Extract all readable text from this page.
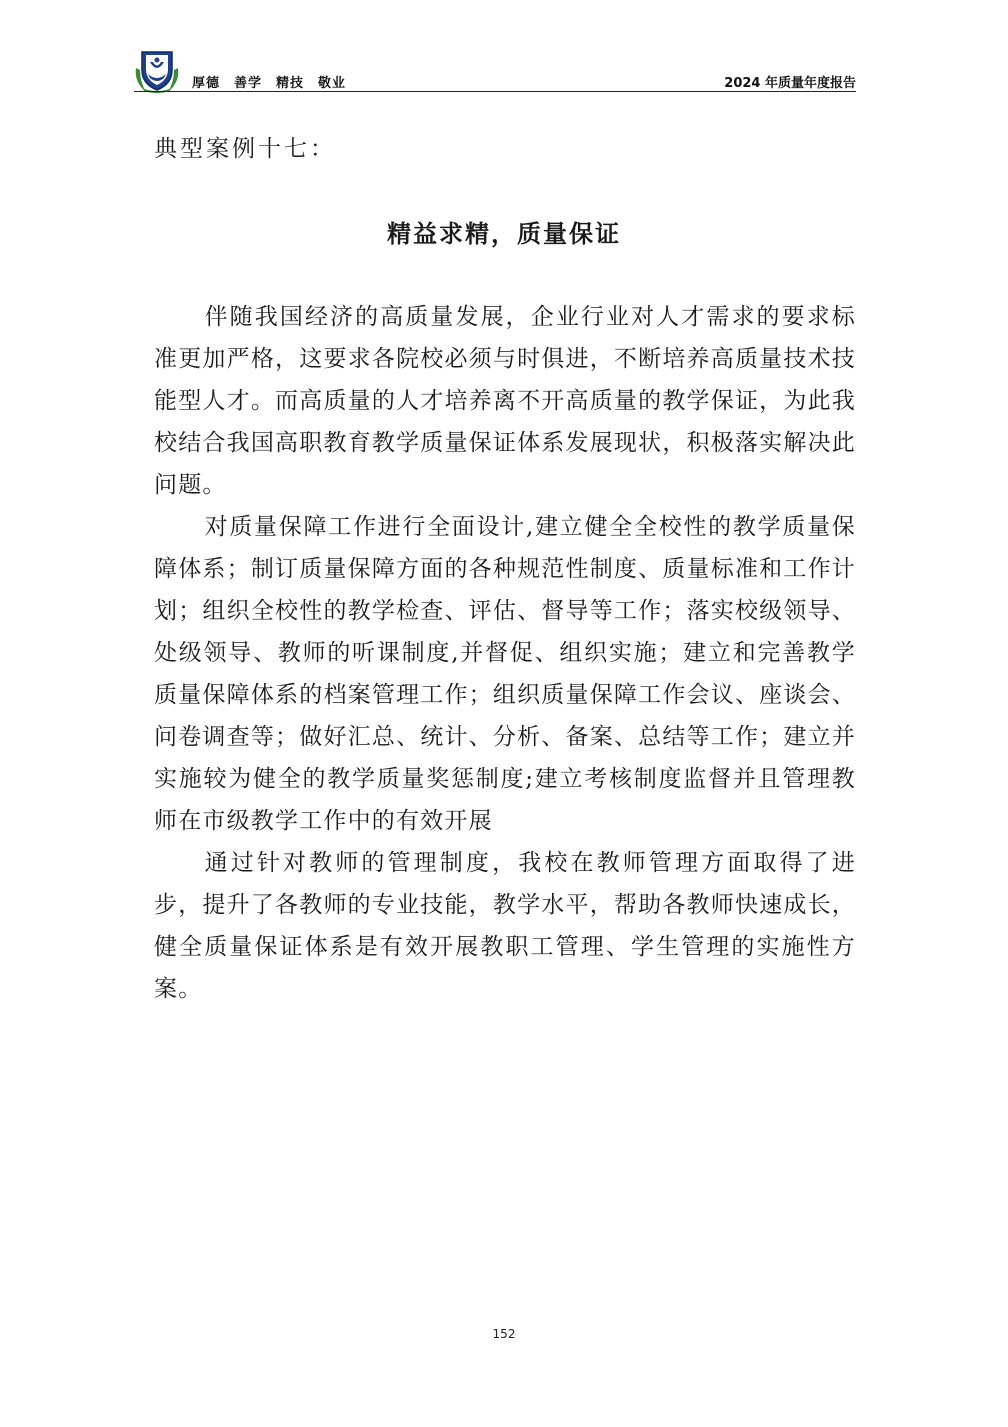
厚德 善学 精技 敬业	2024 年质量年度报告
典型案例十七：
精益求精，质量保证

伴随我国经济的高质量发展，企业行业对人才需求的要求标准更加严格，这要求各院校必须与时俱进，不断培养高质量技术技能型人才。而高质量的人才培养离不开高质量的教学保证，为此我校结合我国高职教育教学质量保证体系发展现状，积极落实解决此问题。

对质量保障工作进行全面设计,建立健全全校性的教学质量保障体系；制订质量保障方面的各种规范性制度、质量标准和工作计划；组织全校性的教学检查、评估、督导等工作；落实校级领导、处级领导、教师的听课制度,并督促、组织实施；建立和完善教学质量保障体系的档案管理工作；组织质量保障工作会议、座谈会、问卷调查等；做好汇总、统计、分析、备案、总结等工作；建立并实施较为健全的教学质量奖惩制度;建立考核制度监督并且管理教师在市级教学工作中的有效开展

通过针对教师的管理制度，我校在教师管理方面取得了进步，提升了各教师的专业技能，教学水平，帮助各教师快速成长，健全质量保证体系是有效开展教职工管理、学生管理的实施性方案。

152
